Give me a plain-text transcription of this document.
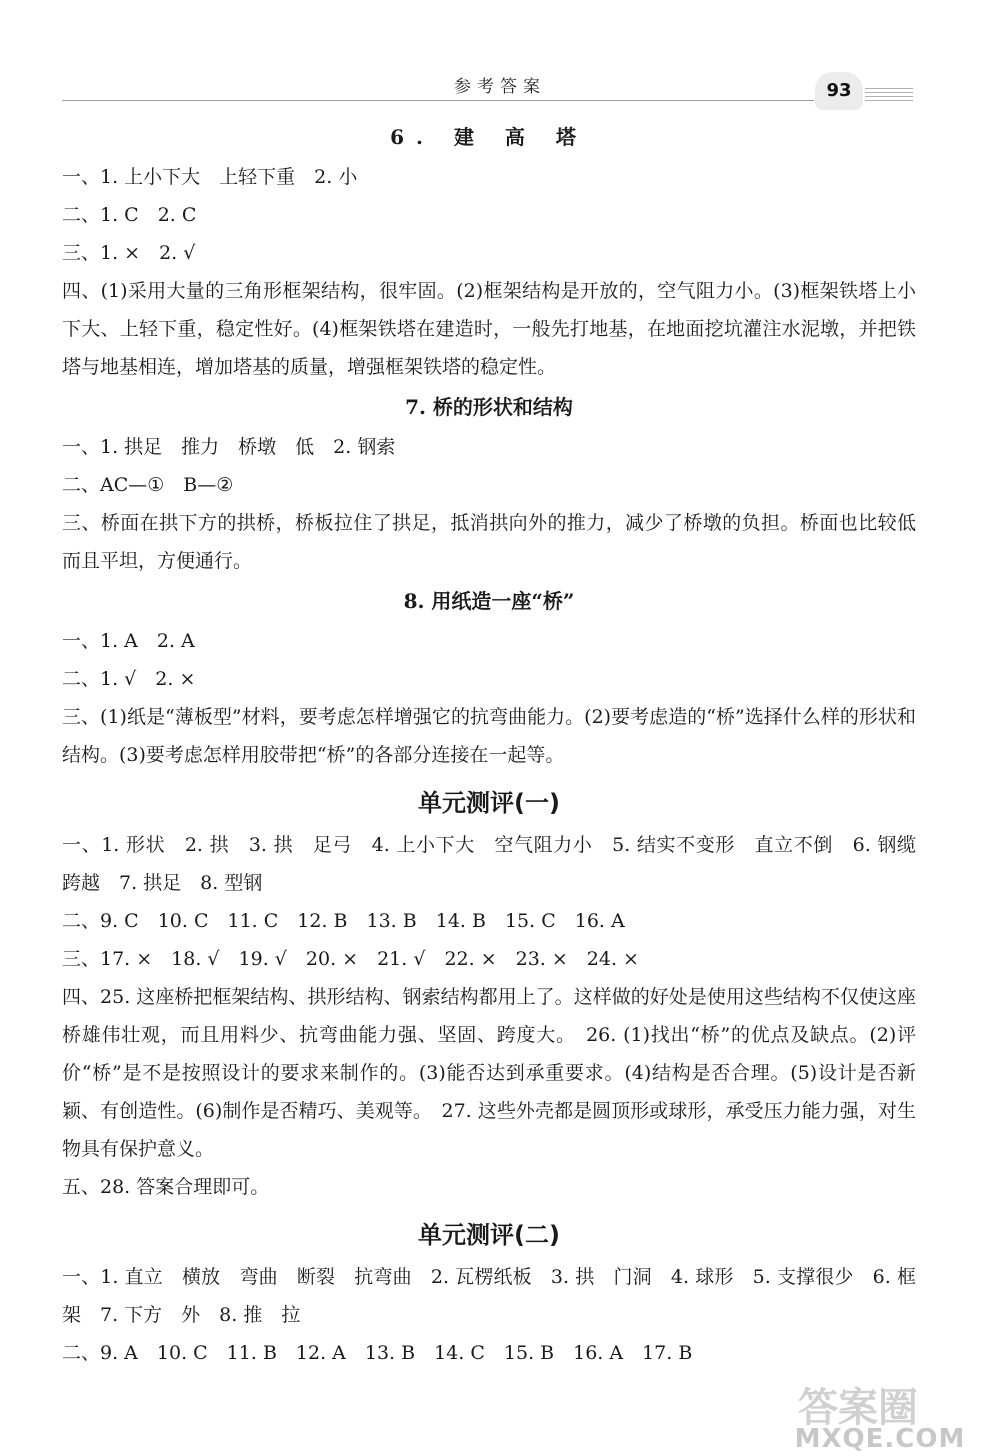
参考答案	93
6. 建 高 塔
一、1. 上小下大　上轻下重　2. 小
二、1. C　2. C
三、1. ×　2. √
四、(1)采用大量的三角形框架结构，很牢固。(2)框架结构是开放的，空气阻力小。(3)框架铁塔上小下大、上轻下重，稳定性好。(4)框架铁塔在建造时，一般先打地基，在地面挖坑灌注水泥墩，并把铁塔与地基相连，增加塔基的质量，增强框架铁塔的稳定性。
7. 桥的形状和结构
一、1. 拱足　推力　桥墩　低　2. 钢索
二、AC—①　B—②
三、桥面在拱下方的拱桥，桥板拉住了拱足，抵消拱向外的推力，减少了桥墩的负担。桥面也比较低而且平坦，方便通行。
8. 用纸造一座“桥”
一、1. A　2. A
二、1. √　2. ×
三、(1)纸是“薄板型”材料，要考虑怎样增强它的抗弯曲能力。(2)要考虑造的“桥”选择什么样的形状和结构。(3)要考虑怎样用胶带把“桥”的各部分连接在一起等。
单元测评(一)
一、1. 形状　2. 拱　3. 拱　足弓　4. 上小下大　空气阻力小　5. 结实不变形　直立不倒　6. 钢缆　跨越　7. 拱足　8. 型钢
二、9. C　10. C　11. C　12. B　13. B　14. B　15. C　16. A
三、17. ×　18. √　19. √　20. ×　21. √　22. ×　23. ×　24. ×
四、25. 这座桥把框架结构、拱形结构、钢索结构都用上了。这样做的好处是使用这些结构不仅使这座桥雄伟壮观，而且用料少、抗弯曲能力强、坚固、跨度大。　26. (1)找出“桥”的优点及缺点。(2)评价“桥”是不是按照设计的要求来制作的。(3)能否达到承重要求。(4)结构是否合理。(5)设计是否新颖、有创造性。(6)制作是否精巧、美观等。　27. 这些外壳都是圆顶形或球形，承受压力能力强，对生物具有保护意义。
五、28. 答案合理即可。
单元测评(二)
一、1. 直立　横放　弯曲　断裂　抗弯曲　2. 瓦楞纸板　3. 拱　门洞　4. 球形　5. 支撑很少　6. 框架　7. 下方　外　8. 推　拉
二、9. A　10. C　11. B　12. A　13. B　14. C　15. B　16. A　17. B
答案圈
MXQE.COM
